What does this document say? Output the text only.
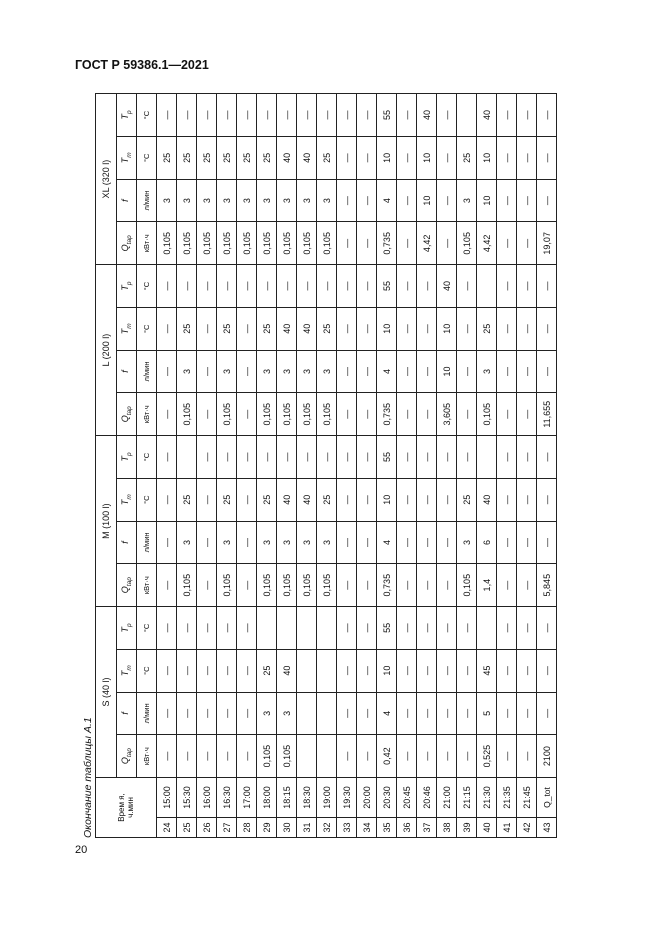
ГОСТ Р 59386.1—2021
Окончание таблицы А.1	Врем я,
ч.мин		S (40 l)				M (100 l)				L (200 l)				XL (320 l)			
		$Q_{tap}$	f	$T_m$	$T_p$	$Q_{tap}$	f	$T_m$	$T_p$	$Q_{tap}$	f	$T_m$	$T_p$	$Q_{tap}$	f	$T_m$	$T_p$
		кВт·ч	л/мин	°С	°С	кВт·ч	л/мин	°С	°С	кВт·ч	л/мин	°С	°С	кВт·ч	л/мин	°С	°С
24	15:00	—	—	—	—	—	—	—	—	—	—	—	—	0,105	3	25	—
25	15:30	—	—	—	—	0,105	3	25		0,105	3	25	—	0,105	3	25	—
26	16:00	—	—	—	—	—	—	—	—	—	—	—	—	0,105	3	25	—
27	16:30	—	—	—	—	0,105	3	25	—	0,105	3	25	—	0,105	3	25	—
28	17:00	—	—	—	—	—	—	—	—	—	—	—	—	0,105	3	25	—
29	18:00	0,105	3	25		0,105	3	25	—	0,105	3	25	—	0,105	3	25	—
30	18:15	0,105	3	40		0,105	3	40	—	0,105	3	40	—	0,105	3	40	—
31	18:30					0,105	3	40	—	0,105	3	40	—	0,105	3	40	—
32	19:00					0,105	3	25	—	0,105	3	25	—	0,105	3	25	—
33	19:30	—	—	—	—	—	—	—	—	—	—	—	—	—	—	—	—
34	20:00	—	—	—	—	—	—	—	—	—	—	—	—	—	—	—	—
35	20:30	0,42	4	10	55	0,735	4	10	55	0,735	4	10	55	0,735	4	10	55
36	20:45	—	—	—	—	—	—	—	—	—	—	—	—	—	—	—	—
37	20:46	—	—	—	—	—	—	—	—	—	—	—	—	4,42	10	10	40
38	21:00	—	—	—	—	—	—	—	—	3,605	10	10	40	—	—	—	—
39	21:15	—	—	—	—	0,105	3	25	—	—	—	—	—	0,105	3	25	
40	21:30	0,525	5	45		1,4	6	40		0,105	3	25		4,42	10	10	40
41	21:35	—	—	—	—	—	—	—	—	—	—	—	—	—	—	—	—
42	21:45	—	—	—	—	—	—	—	—	—	—	—	—	—	—	—	—
43	Q_tot	2100	—	—	—	5,845	—	—	—	11,655	—	—	—	19,07	—	—	—
20
